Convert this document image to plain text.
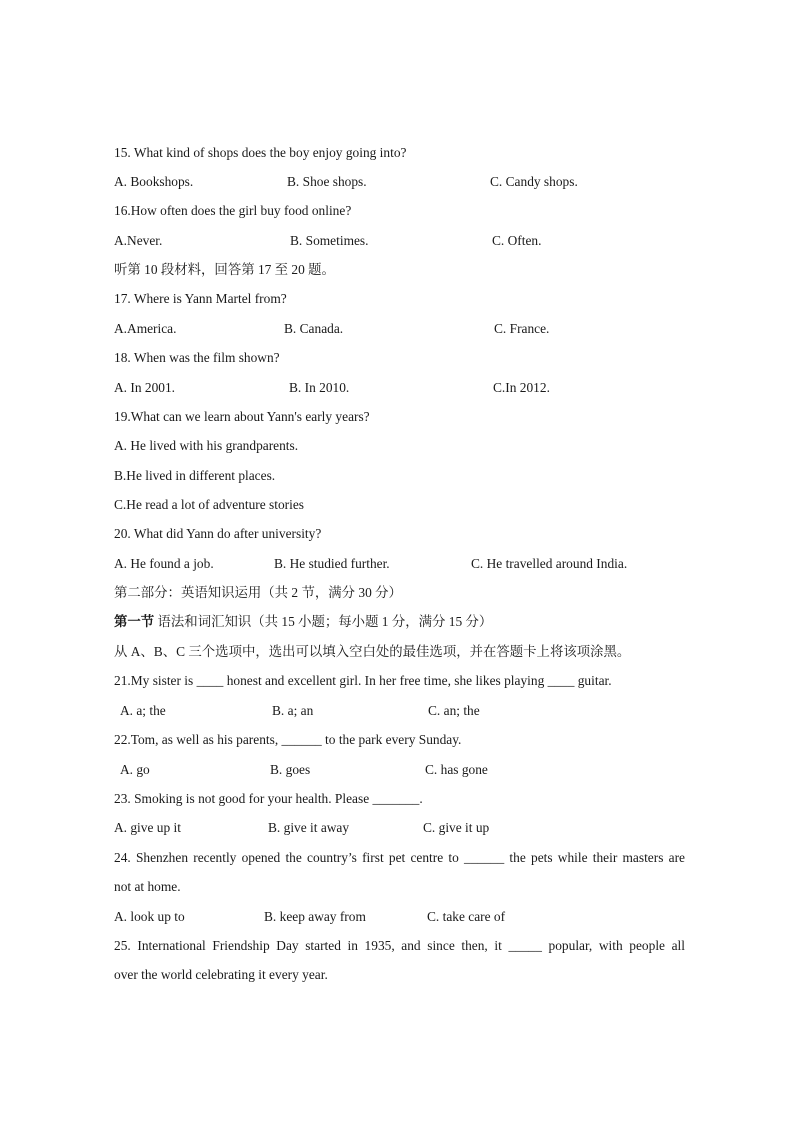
15. What kind of shops does the boy enjoy going into?
A. Bookshops.	B. Shoe shops.	C. Candy shops.
16.How often does the girl buy food online?
A.Never.	B. Sometimes.	C. Often.
听第 10 段材料，回答第 17 至 20 题。
17. Where is Yann Martel from?
A.America.	B. Canada.	C. France.
18. When was the film shown?
A. In 2001.	B. In 2010.	C.In 2012.
19.What can we learn about Yann's early years?
A. He lived with his grandparents.
B.He lived in different places.
C.He read a lot of adventure stories
20. What did Yann do after university?
A. He found a job.	B. He studied further.	C. He travelled around India.
第二部分：英语知识运用（共 2 节，满分 30 分）
第一节 语法和词汇知识（共 15 小题；每小题 1 分，满分 15 分）
从 A、B、C 三个选项中，选出可以填入空白处的最佳选项，并在答题卡上将该项涂黑。
21.My sister is ____ honest and excellent girl. In her free time, she likes playing ____ guitar.
A. a; the	B. a; an	C. an; the
22.Tom, as well as his parents, ______ to the park every Sunday.
A. go	B. goes	C. has gone
23. Smoking is not good for your health. Please _______.
A. give up it	B. give it away	C. give it up
24. Shenzhen recently opened the country’s first pet centre to ______ the pets while their masters are
not at home.
A. look up to	B. keep away from	C. take care of
25. International Friendship Day started in 1935, and since then, it _____ popular, with people all
over the world celebrating it every year.
